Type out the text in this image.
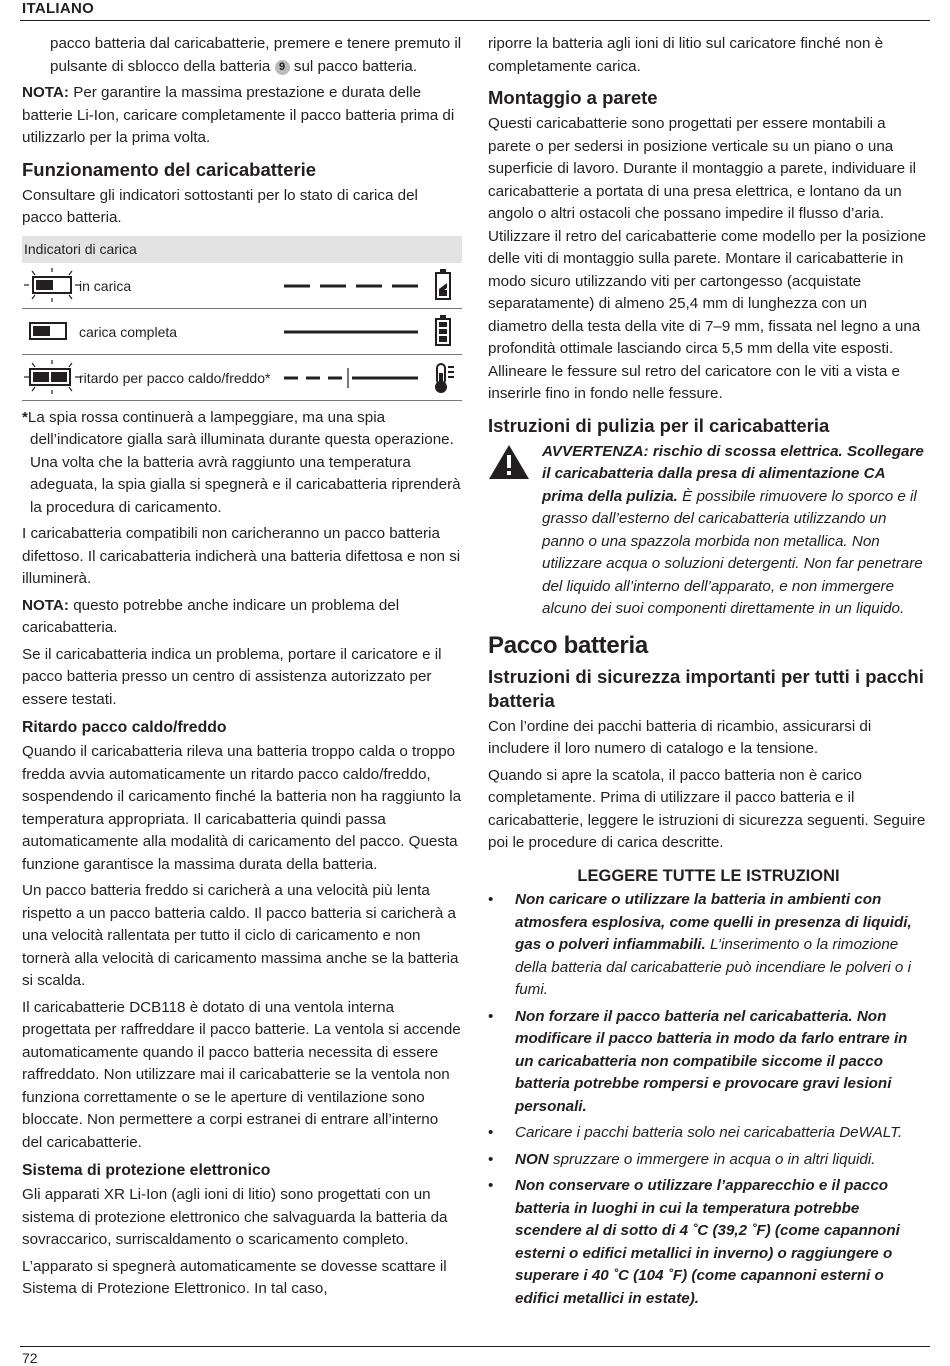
ITALIANO

pacco batteria dal caricabatterie, premere e tenere premuto il pulsante di sblocco della batteria 9 sul pacco batteria.

NOTA: Per garantire la massima prestazione e durata delle batterie Li-Ion, caricare completamente il pacco batteria prima di utilizzarlo per la prima volta.

Funzionamento del caricabatterie

Consultare gli indicatori sottostanti per lo stato di carica del pacco batteria.

Indicatori di carica
in carica
carica completa
ritardo per pacco caldo/freddo*

*La spia rossa continuerà a lampeggiare, ma una spia dell’indicatore gialla sarà illuminata durante questa operazione. Una volta che la batteria avrà raggiunto una temperatura adeguata, la spia gialla si spegnerà e il caricabatteria riprenderà la procedura di caricamento.

I caricabatteria compatibili non caricheranno un pacco batteria difettoso. Il caricabatteria indicherà una batteria difettosa e non si illuminerà.

NOTA: questo potrebbe anche indicare un problema del caricabatteria.

Se il caricabatteria indica un problema, portare il caricatore e il pacco batteria presso un centro di assistenza autorizzato per essere testati.

Ritardo pacco caldo/freddo

Quando il caricabatteria rileva una batteria troppo calda o troppo fredda avvia automaticamente un ritardo pacco caldo/freddo, sospendendo il caricamento finché la batteria non ha raggiunto la temperatura appropriata. Il caricabatteria quindi passa automaticamente alla modalità di caricamento del pacco. Questa funzione garantisce la massima durata della batteria.

Un pacco batteria freddo si caricherà a una velocità più lenta rispetto a un pacco batteria caldo. Il pacco batteria si caricherà a una velocità rallentata per tutto il ciclo di caricamento e non tornerà alla velocità di caricamento massima anche se la batteria si scalda.

Il caricabatterie DCB118 è dotato di una ventola interna progettata per raffreddare il pacco batterie. La ventola si accende automaticamente quando il pacco batteria necessita di essere raffreddato. Non utilizzare mai il caricabatterie se la ventola non funziona correttamente o se le aperture di ventilazione sono bloccate. Non permettere a corpi estranei di entrare all’interno del caricabatterie.

Sistema di protezione elettronico

Gli apparati XR Li-Ion (agli ioni di litio) sono progettati con un sistema di protezione elettronico che salvaguarda la batteria da sovraccarico, surriscaldamento o scaricamento completo.

L’apparato si spegnerà automaticamente se dovesse scattare il Sistema di Protezione Elettronico. In tal caso,

riporre la batteria agli ioni di litio sul caricatore finché non è completamente carica.

Montaggio a parete

Questi caricabatterie sono progettati per essere montabili a parete o per sedersi in posizione verticale su un piano o una superficie di lavoro. Durante il montaggio a parete, individuare il caricabatterie a portata di una presa elettrica, e lontano da un angolo o altri ostacoli che possano impedire il flusso d’aria. Utilizzare il retro del caricabatterie come modello per la posizione delle viti di montaggio sulla parete. Montare il caricabatterie in modo sicuro utilizzando viti per cartongesso (acquistate separatamente) di almeno 25,4 mm di lunghezza con un diametro della testa della vite di 7–9 mm, fissata nel legno a una profondità ottimale lasciando circa 5,5 mm della vite esposti. Allineare le fessure sul retro del caricatore con le viti a vista e inserirle fino in fondo nelle fessure.

Istruzioni di pulizia per il caricabatteria

AVVERTENZA: rischio di scossa elettrica. Scollegare il caricabatteria dalla presa di alimentazione CA prima della pulizia. È possibile rimuovere lo sporco e il grasso dall’esterno del caricabatteria utilizzando un panno o una spazzola morbida non metallica. Non utilizzare acqua o soluzioni detergenti. Non far penetrare del liquido all’interno dell’apparato, e non immergere alcuno dei suoi componenti direttamente in un liquido.

Pacco batteria
Istruzioni di sicurezza importanti per tutti i pacchi batteria

Con l’ordine dei pacchi batteria di ricambio, assicurarsi di includere il loro numero di catalogo e la tensione.

Quando si apre la scatola, il pacco batteria non è carico completamente. Prima di utilizzare il pacco batteria e il caricabatterie, leggere le istruzioni di sicurezza seguenti. Seguire poi le procedure di carica descritte.

LEGGERE TUTTE LE ISTRUZIONI
• Non caricare o utilizzare la batteria in ambienti con atmosfera esplosiva, come quelli in presenza di liquidi, gas o polveri infiammabili. L’inserimento o la rimozione della batteria dal caricabatterie può incendiare le polveri o i fumi.
• Non forzare il pacco batteria nel caricabatteria. Non modificare il pacco batteria in modo da farlo entrare in un caricabatteria non compatibile siccome il pacco batteria potrebbe rompersi e provocare gravi lesioni personali.
• Caricare i pacchi batteria solo nei caricabatteria DeWALT.
• NON spruzzare o immergere in acqua o in altri liquidi.
• Non conservare o utilizzare l’apparecchio e il pacco batteria in luoghi in cui la temperatura potrebbe scendere al di sotto di 4 ˚C (39,2 ˚F) (come capannoni esterni o edifici metallici in inverno) o raggiungere o superare i 40 ˚C (104 ˚F) (come capannoni esterni o edifici metallici in estate).
72
